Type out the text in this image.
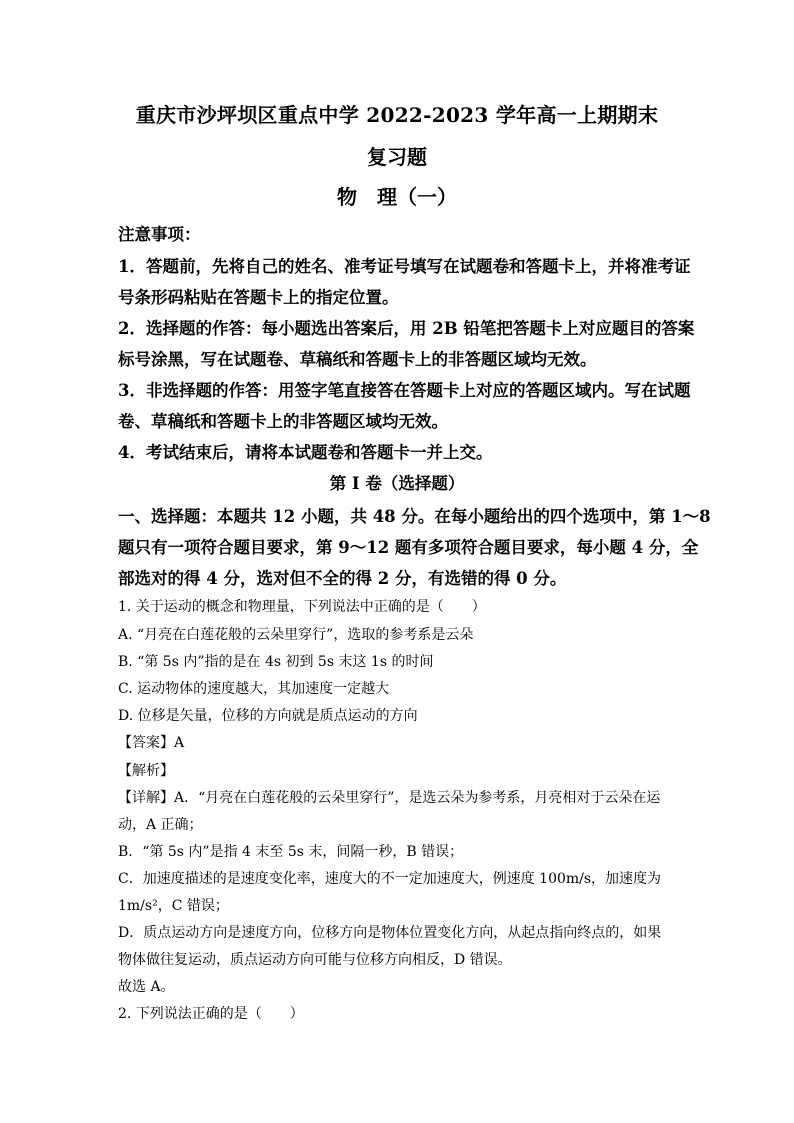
重庆市沙坪坝区重点中学 2022-2023 学年高一上期期末
复习题
物　理（一）
注意事项：
1．答题前，先将自己的姓名、准考证号填写在试题卷和答题卡上，并将准考证
号条形码粘贴在答题卡上的指定位置。
2．选择题的作答：每小题选出答案后，用 2B 铅笔把答题卡上对应题目的答案
标号涂黑，写在试题卷、草稿纸和答题卡上的非答题区域均无效。
3．非选择题的作答：用签字笔直接答在答题卡上对应的答题区域内。写在试题
卷、草稿纸和答题卡上的非答题区域均无效。
4．考试结束后，请将本试题卷和答题卡一并上交。
第 I 卷（选择题）
一、选择题：本题共 12 小题，共 48 分。在每小题给出的四个选项中，第 1～8
题只有一项符合题目要求，第 9～12 题有多项符合题目要求，每小题 4 分，全
部选对的得 4 分，选对但不全的得 2 分，有选错的得 0 分。
1. 关于运动的概念和物理量，下列说法中正确的是（　　）
A. “月亮在白莲花般的云朵里穿行”，选取的参考系是云朵
B. “第 5s 内”指的是在 4s 初到 5s 末这 1s 的时间
C. 运动物体的速度越大，其加速度一定越大
D. 位移是矢量，位移的方向就是质点运动的方向
【答案】A
【解析】
【详解】A．“月亮在白莲花般的云朵里穿行”，是选云朵为参考系，月亮相对于云朵在运
动，A 正确；
B．“第 5s 内”是指 4 末至 5s 末，间隔一秒，B 错误；
C．加速度描述的是速度变化率，速度大的不一定加速度大，例速度 100m/s，加速度为
1m/s²，C 错误；
D．质点运动方向是速度方向，位移方向是物体位置变化方向，从起点指向终点的，如果
物体做往复运动，质点运动方向可能与位移方向相反，D 错误。
故选 A。
2. 下列说法正确的是（　　）
